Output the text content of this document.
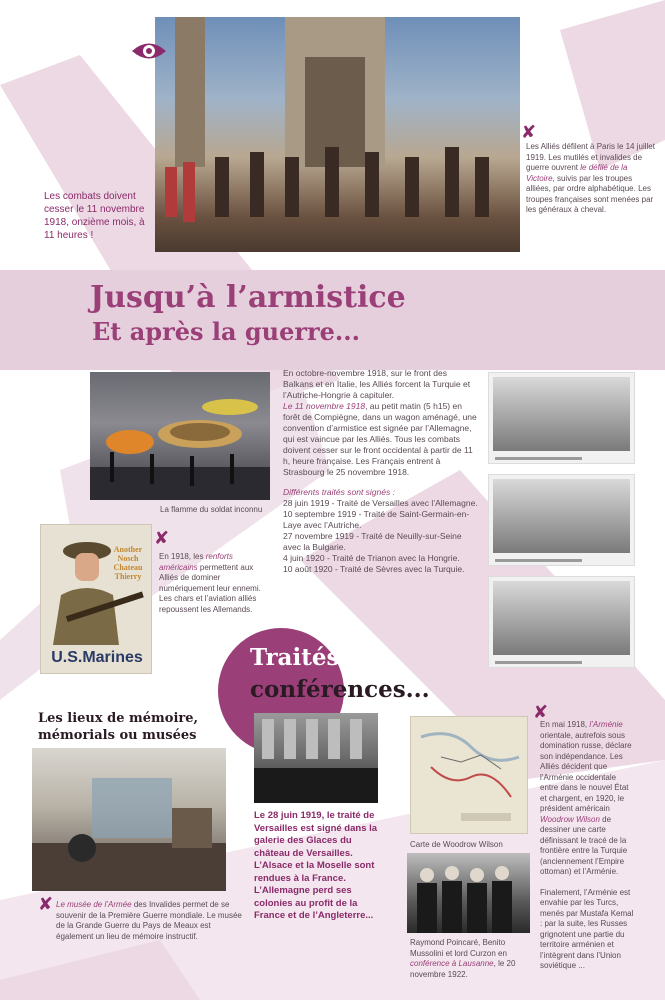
✘
Les Alliés défilent à Paris le 14 juillet 1919. Les mutilés et invalides de guerre ouvrent le défilé de la Victoire, suivis par les troupes alliées, par ordre alphabétique. Les troupes françaises sont menées par les généraux à cheval.
Les combats doivent cesser le 11 novembre 1918, onzième mois, à 11 heures !
Jusqu’à l’armistice
Et après la guerre...
La flamme du soldat inconnu

En octobre-novembre 1918, sur le front des Balkans et en Italie, les Alliés forcent la Turquie et l’Autriche-Hongrie à capituler.

Le 11 novembre 1918, au petit matin (5 h15) en forêt de Compiègne, dans un wagon aménagé, une convention d’armistice est signée par l’Allemagne, qui est vaincue par les Alliés. Tous les combats doivent cesser sur le front occidental à partir de 11 h, heure française. Les Français entrent à Strasbourg le 25 novembre 1918.

Différents traités sont signés :

28 juin 1919 - Traité de Versailles avec l’Allemagne.

10 septembre 1919 - Traité de Saint-Germain-en-Laye avec l’Autriche.

27 novembre 1919 - Traité de Neuilly-sur-Seine avec la Bulgarie.

4 juin 1920 - Traité de Trianon avec la Hongrie.

10 août 1920 - Traité de Sèvres avec la Turquie.

Another
Nosch
Chateau
Thierry
U.S.Marines
✘
En 1918, les renforts américains permettent aux Alliés de dominer numériquement leur ennemi. Les chars et l’aviation alliés repoussent les Allemands.
Traités,
conférences...
Les lieux de mémoire,
mémorials ou musées
✘ Le musée de l’Armée des Invalides permet de se souvenir de la Première Guerre mondiale. Le musée de la Grande Guerre du Pays de Meaux est également un lieu de mémoire instructif.
Le 28 juin 1919, le traité de Versailles est signé dans la galerie des Glaces du château de Versailles. L’Alsace et la Moselle sont rendues à la France. L’Allemagne perd ses colonies au profit de la France et de l’Angleterre...
Carte de Woodrow Wilson
Raymond Poincaré, Benito Mussolini et lord Curzon en conférence à Lausanne, le 20 novembre 1922.
✘

En mai 1918, l’Arménie orientale, autrefois sous domination russe, déclare son indépendance. Les Alliés décident que l’Arménie occidentale entre dans le nouvel État et chargent, en 1920, le président américain Woodrow Wilson de dessiner une carte définissant le tracé de la frontière entre la Turquie (anciennement l’Empire ottoman) et l’Arménie.

Finalement, l’Arménie est envahie par les Turcs, menés par Mustafa Kemal : par la suite, les Russes grignotent une partie du territoire arménien et l’intègrent dans l’Union soviétique ...
